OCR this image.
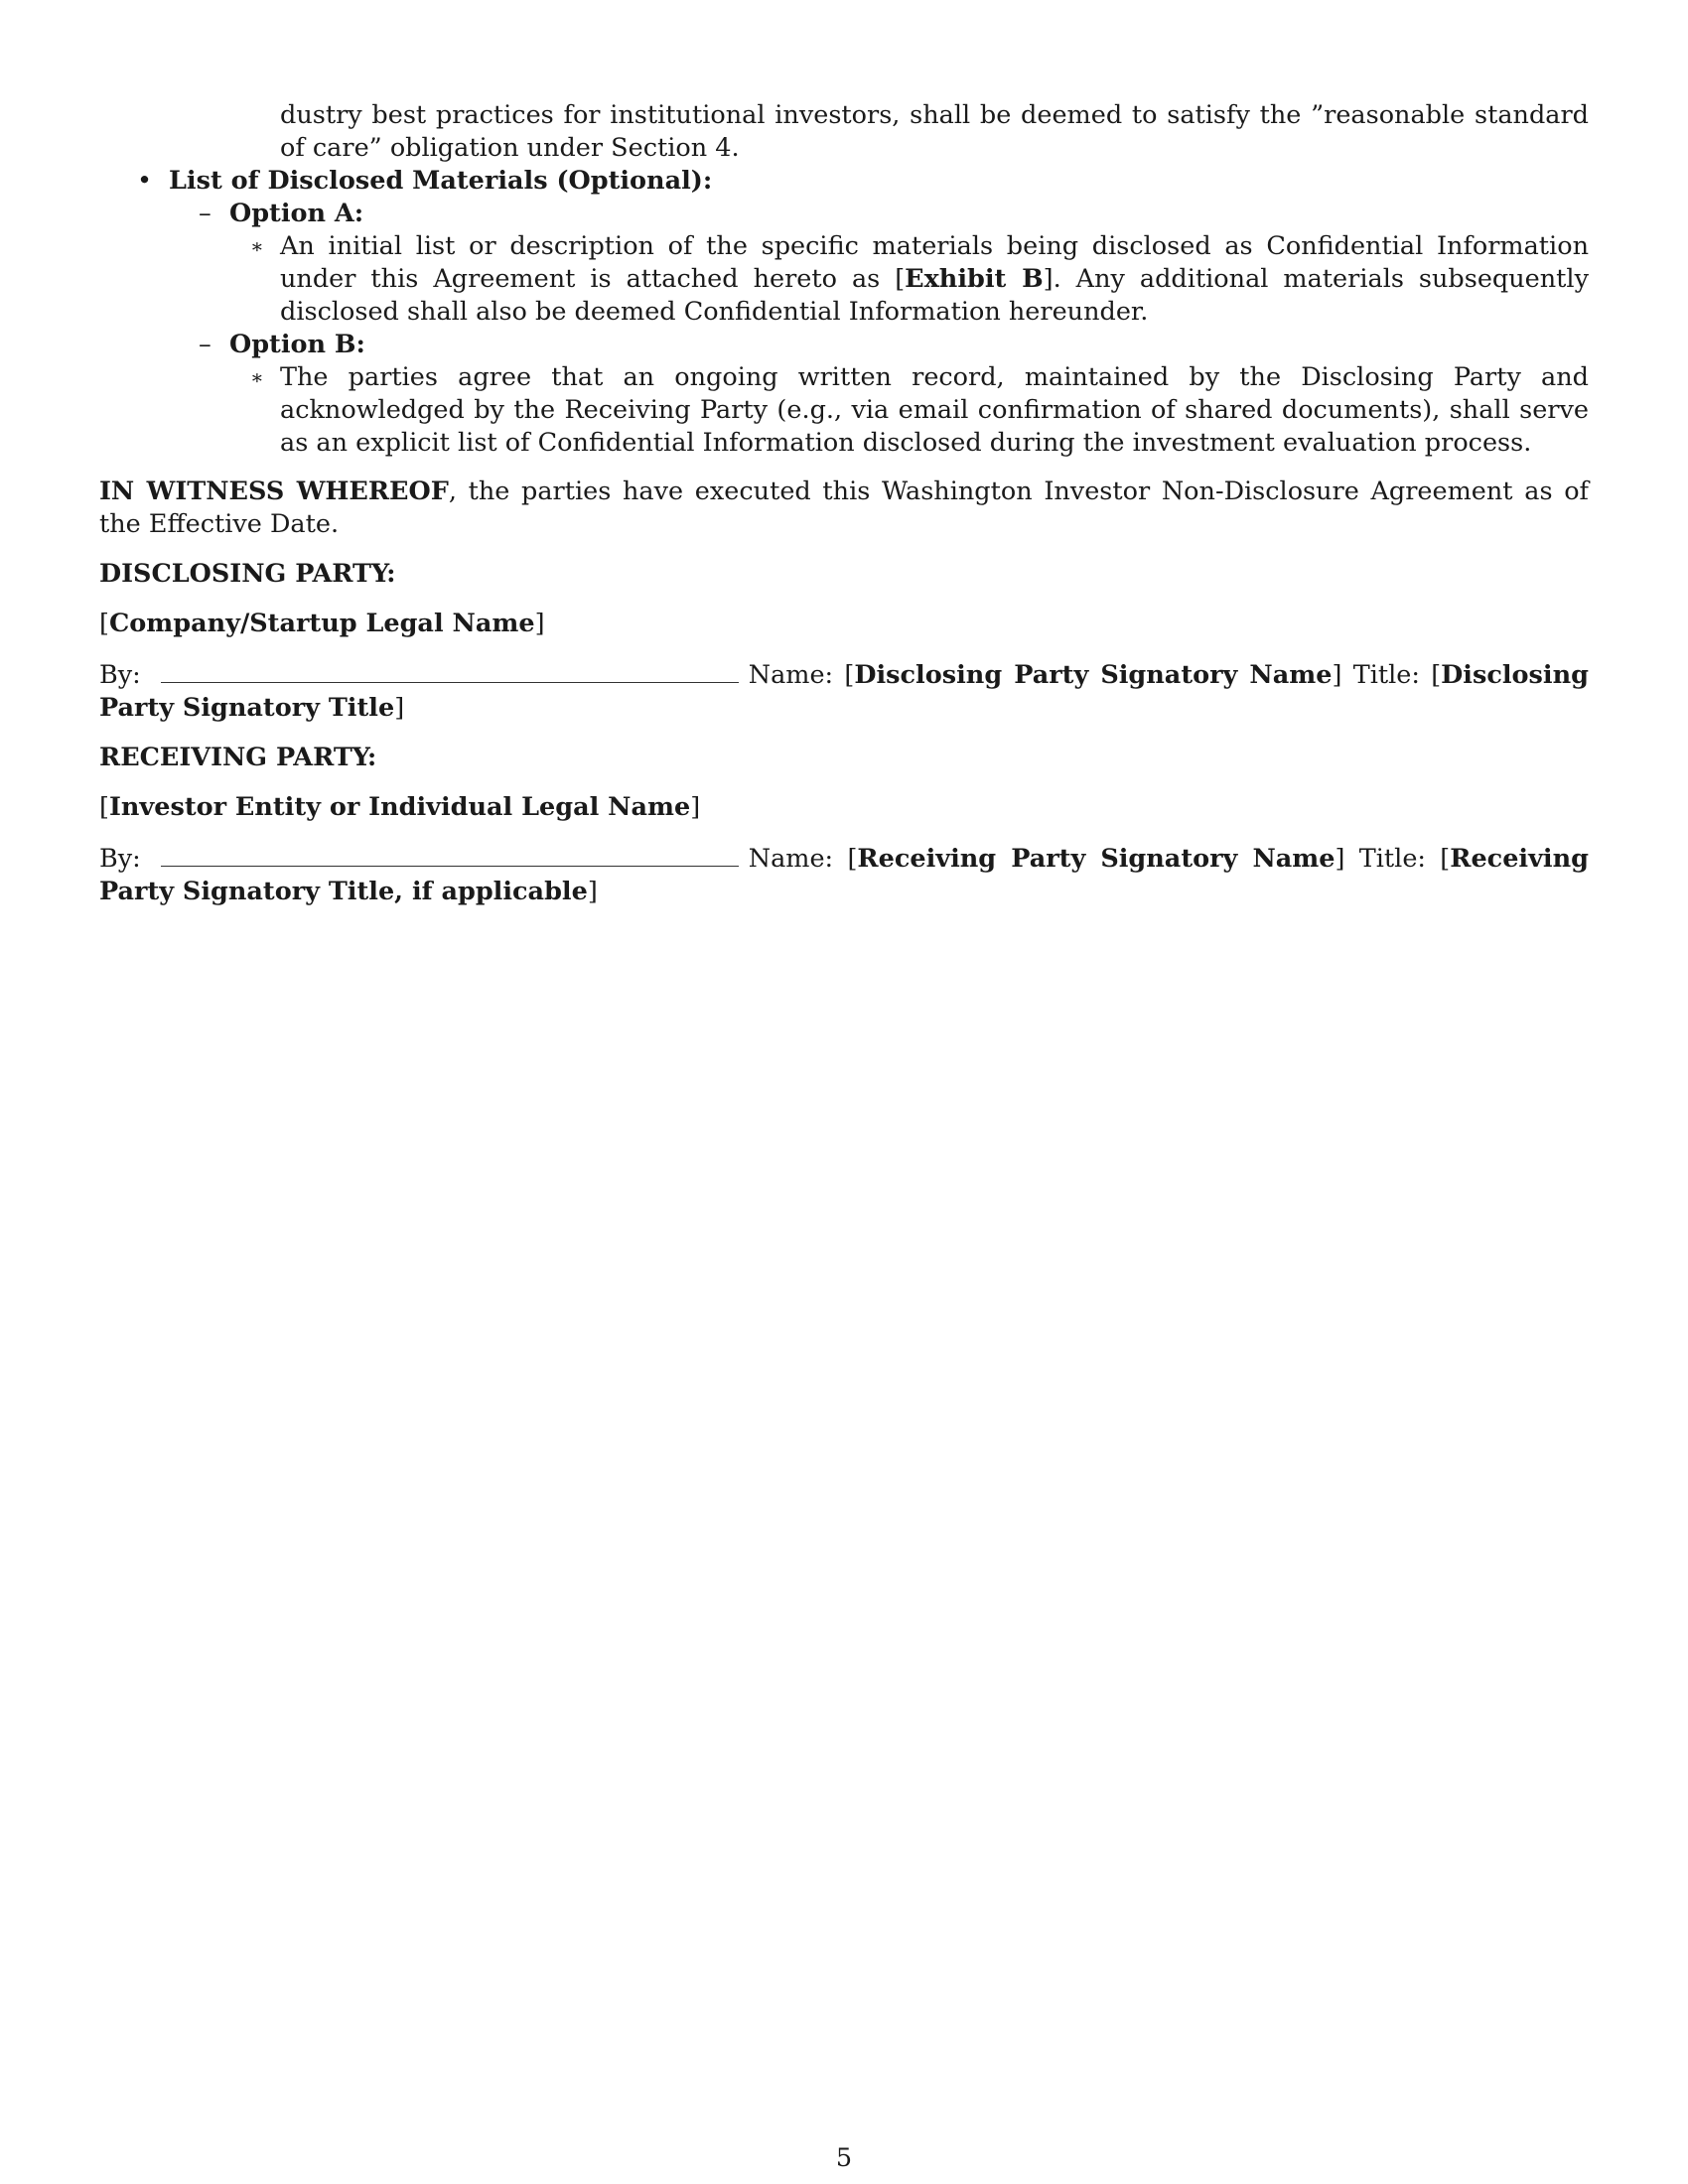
dustry best practices for institutional investors, shall be deemed to satisfy the ”reasonable standard of care” obligation under Section 4.
• List of Disclosed Materials (Optional):
– Option A:
∗ An initial list or description of the specific materials being disclosed as Confidential Information under this Agreement is attached hereto as [Exhibit B]. Any additional materials subsequently disclosed shall also be deemed Confidential Information hereunder.
– Option B:
∗ The parties agree that an ongoing written record, maintained by the Disclosing Party and acknowledged by the Receiving Party (e.g., via email confirmation of shared documents), shall serve as an explicit list of Confidential Information disclosed during the investment evaluation process.
IN WITNESS WHEREOF, the parties have executed this Washington Investor Non-Disclosure Agreement as of the Effective Date.
DISCLOSING PARTY:
[Company/Startup Legal Name]
By:	Name: [Disclosing Party Signatory Name] Title: [Disclosing Party Signatory Title]
RECEIVING PARTY:
[Investor Entity or Individual Legal Name]
By:	Name: [Receiving Party Signatory Name] Title: [Receiving Party Signatory Title, if applicable]
5
